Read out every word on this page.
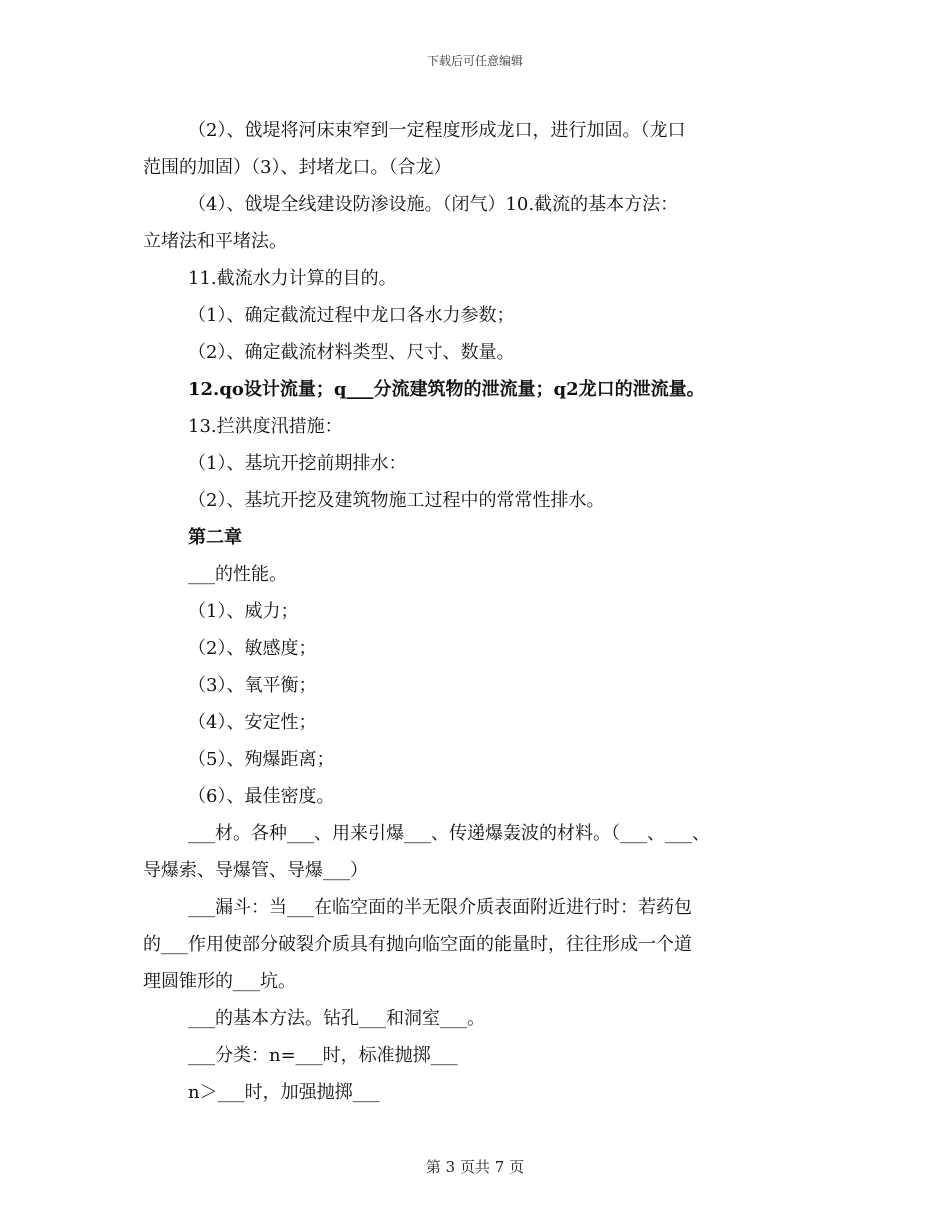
下载后可任意编辑

（2）、戗堤将河床束窄到一定程度形成龙口，进行加固。（龙口

范围的加固）（3）、封堵龙口。（合龙）

（4）、戗堤全线建设防渗设施。（闭气）10.截流的基本方法：

立堵法和平堵法。

11.截流水力计算的目的。

（1）、确定截流过程中龙口各水力参数；

（2）、确定截流材料类型、尺寸、数量。

12.qo设计流量；q___分流建筑物的泄流量；q2龙口的泄流量。

13.拦洪度汛措施：

（1）、基坑开挖前期排水：

（2）、基坑开挖及建筑物施工过程中的常常性排水。

第二章

___的性能。

（1）、威力；

（2）、敏感度；

（3）、氧平衡；

（4）、安定性；

（5）、殉爆距离；

（6）、最佳密度。

___材。各种___、用来引爆___、传递爆轰波的材料。（___、___、

导爆索、导爆管、导爆___）

___漏斗：当___在临空面的半无限介质表面附近进行时：若药包

的___作用使部分破裂介质具有抛向临空面的能量时，往往形成一个道

理圆锥形的___坑。

___的基本方法。钻孔___和洞室___。

___分类：n=___时，标准抛掷___

n＞___时，加强抛掷___

第 3 页共 7 页
